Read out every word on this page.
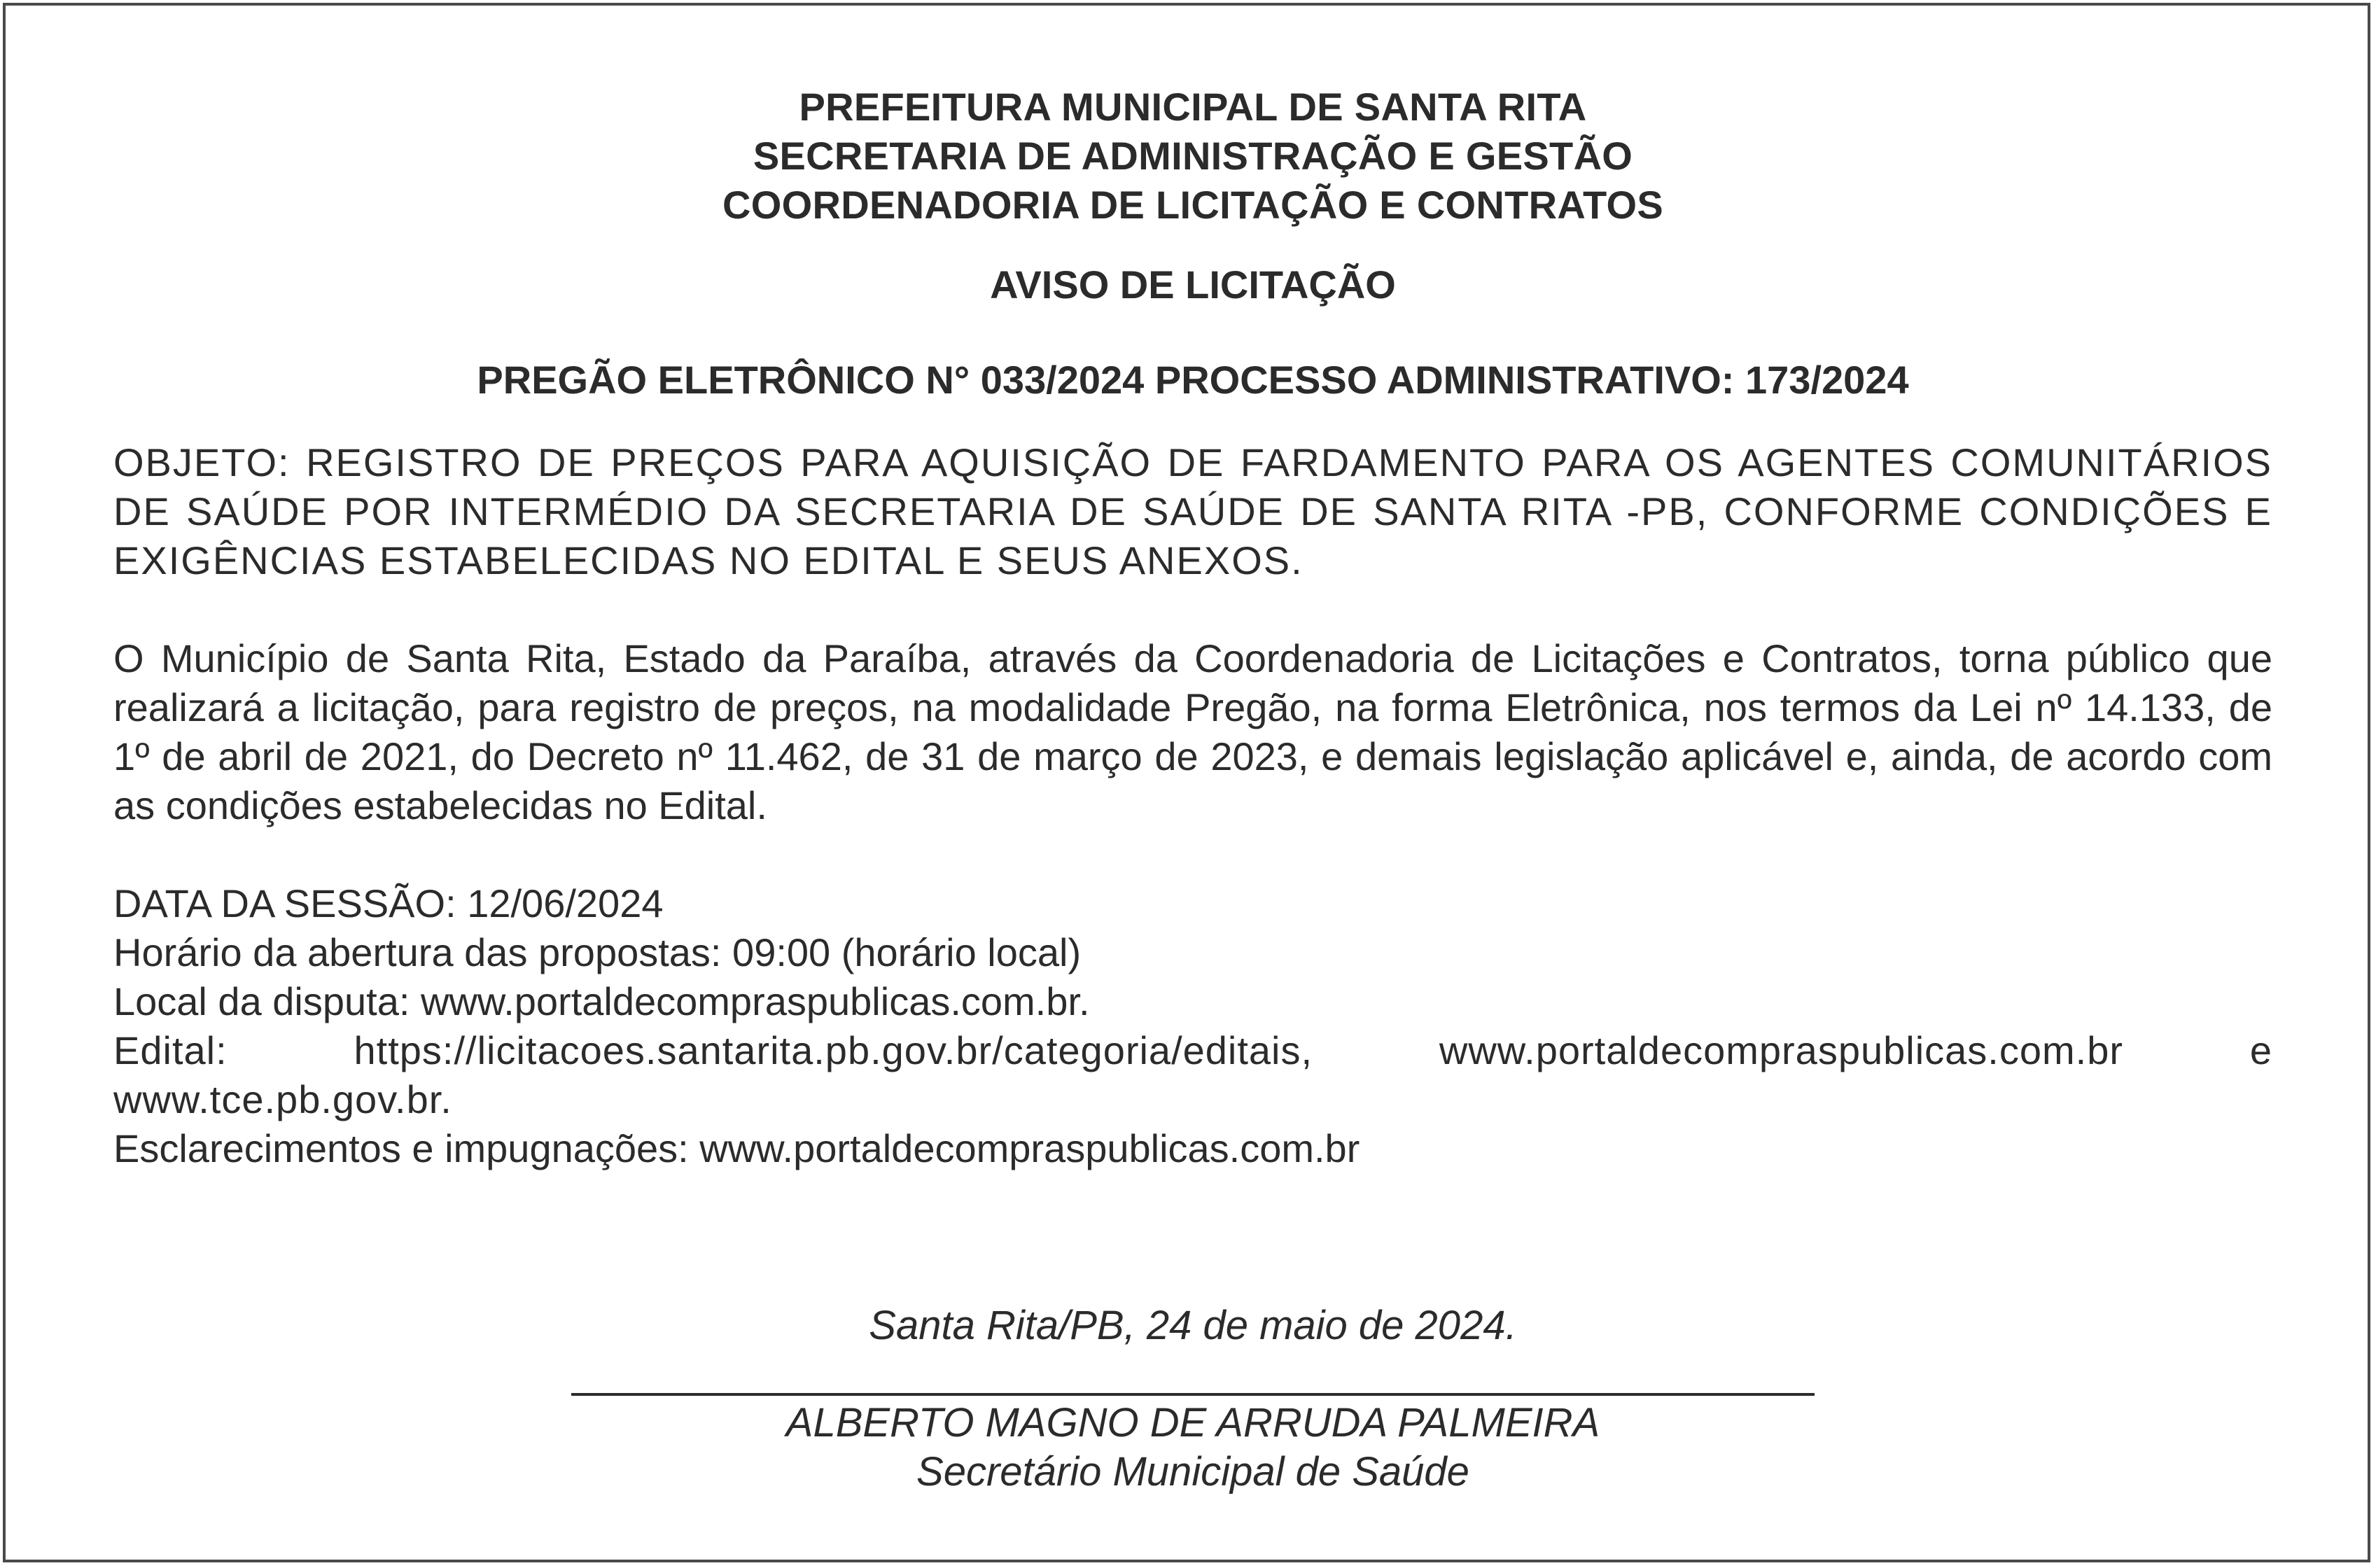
PREFEITURA MUNICIPAL DE SANTA RITA

SECRETARIA DE ADMINISTRAÇÃO E GESTÃO

COORDENADORIA DE LICITAÇÃO E CONTRATOS

AVISO DE LICITAÇÃO

PREGÃO ELETRÔNICO N° 033/2024 PROCESSO ADMINISTRATIVO: 173/2024

OBJETO: REGISTRO DE PREÇOS PARA AQUISIÇÃO DE FARDAMENTO PARA OS AGENTES COMUNITÁRIOS DE SAÚDE POR INTERMÉDIO DA SECRETARIA DE SAÚDE DE SANTA RITA -PB, CONFORME CONDIÇÕES E EXIGÊNCIAS ESTABELECIDAS NO EDITAL E SEUS ANEXOS.

O Município de Santa Rita, Estado da Paraíba, através da Coordenadoria de Licitações e Contratos, torna público que realizará a licitação, para registro de preços, na modalidade Pregão, na forma Eletrônica, nos termos da Lei nº 14.133, de 1º de abril de 2021, do Decreto nº 11.462, de 31 de março de 2023, e demais legislação aplicável e, ainda, de acordo com as condições estabelecidas no Edital.

DATA DA SESSÃO: 12/06/2024

Horário da abertura das propostas: 09:00 (horário local)

Local da disputa: www.portaldecompraspublicas.com.br.

Edital: https://licitacoes.santarita.pb.gov.br/categoria/editais, www.portaldecompraspublicas.com.br e www.tce.pb.gov.br.

Esclarecimentos e impugnações: www.portaldecompraspublicas.com.br

Santa Rita/PB, 24 de maio de 2024.

ALBERTO MAGNO DE ARRUDA PALMEIRA

Secretário Municipal de Saúde
